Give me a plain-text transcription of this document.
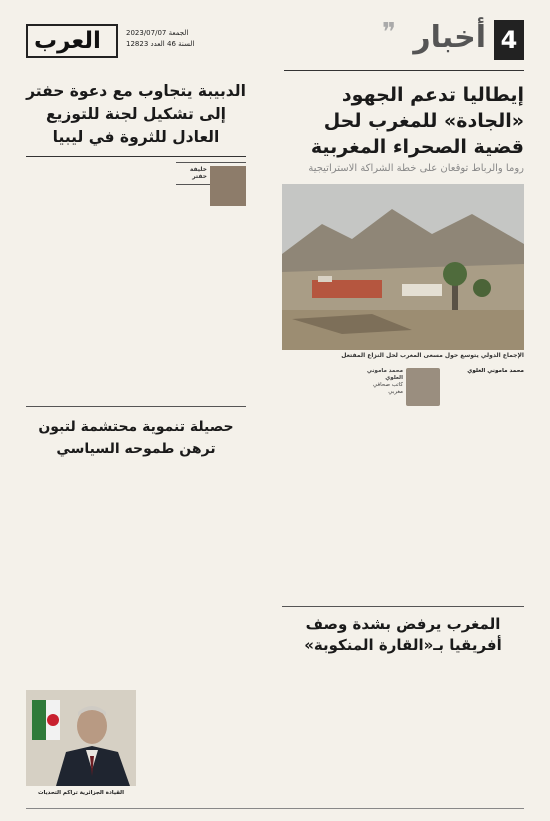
4
أخبار
❞
العرب	الجمعة 2023/07/07
السنة 46 العدد 12823
إيطاليا تدعم الجهود «الجادة» للمغرب لحل قضية الصحراء المغربية
روما والرباط توقعان على خطة الشراكة الاستراتيجية
الإجماع الدولي يتوسع حول مسعى المغرب لحل النزاع المفتعل

محمد ماموني العلوي

محمد ماموني العلوي
كاتب صحافي مغربي
الدبيبة يتجاوب مع دعوة حفتر إلى تشكيل لجنة للتوزيع العادل للثروة في ليبيا
خليفة حفتر
حصيلة تنموية محتشمة لتبون ترهن طموحه السياسي
المغرب يرفض بشدة وصف أفريقيا بـ«القارة المنكوبة»
القيادة الجزائرية تراكم التحديات
